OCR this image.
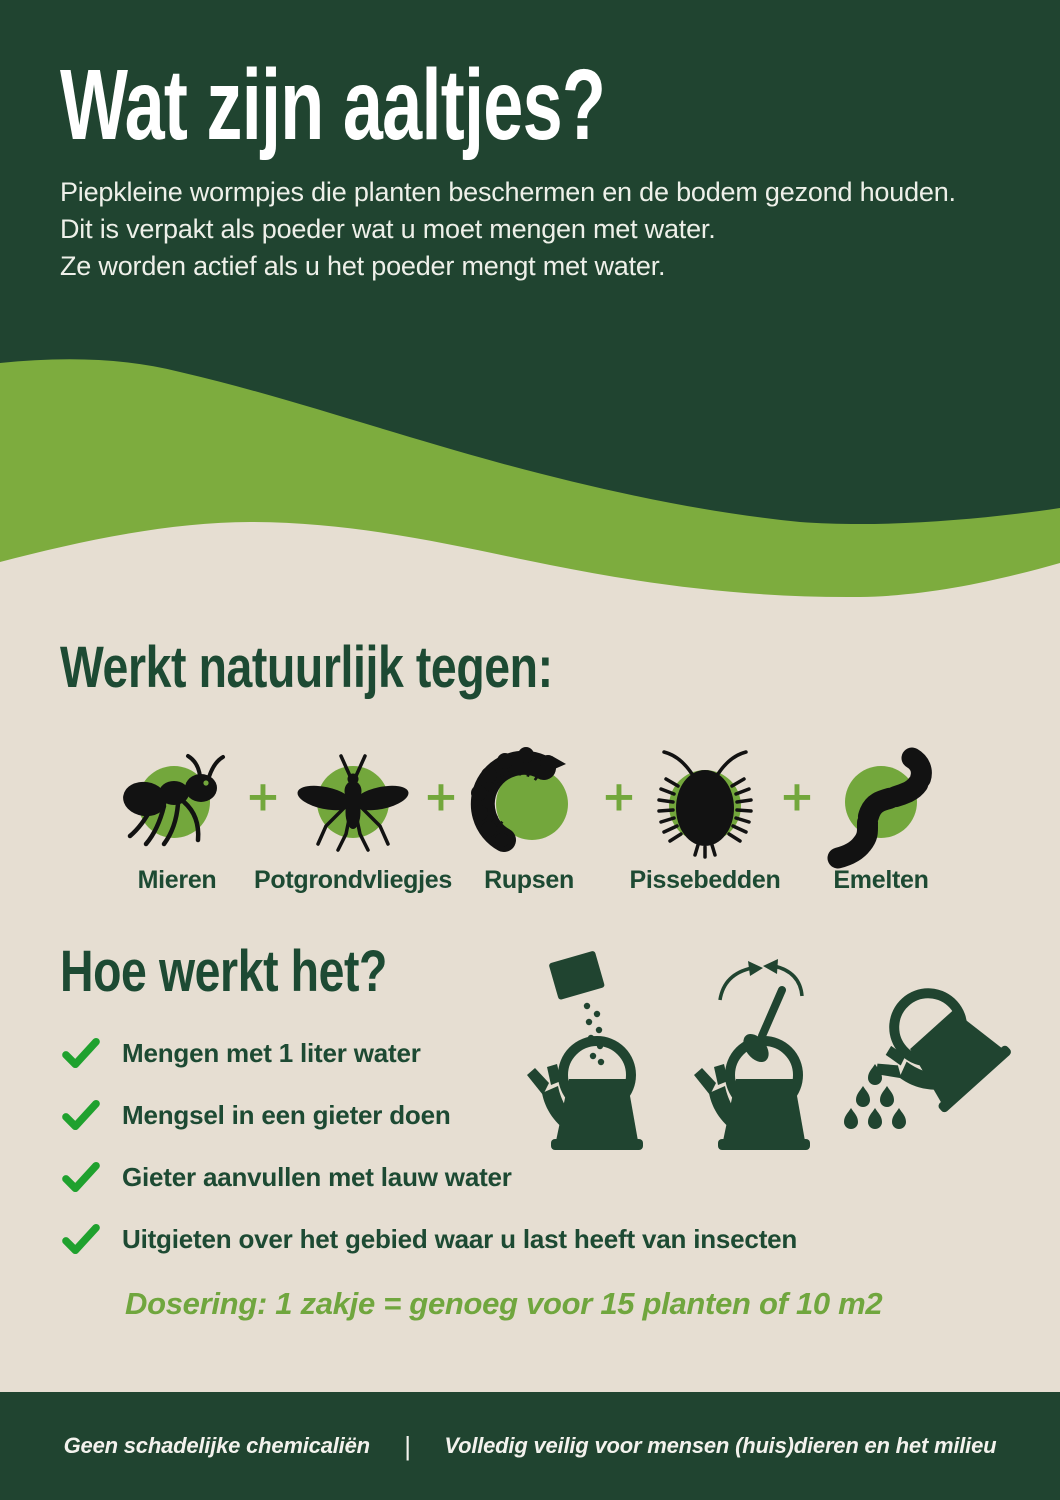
Wat zijn aaltjes?

Piepkleine wormpjes die planten beschermen en de bodem gezond houden.

Dit is verpakt als poeder wat u moet mengen met water.

Ze worden actief als u het poeder mengt met water.

Werkt natuurlijk tegen:
Mieren Potgrondvliegjes Rupsen Pissebedden Emelten
+	+	+	+
Hoe werkt het?
Mengen met 1 liter water
Mengsel in een gieter doen
Gieter aanvullen met lauw water
Uitgieten over het gebied waar u last heeft van insecten

Dosering: 1 zakje = genoeg voor 15 planten of 10 m2

Geen schadelijke chemicaliën | Volledig veilig voor mensen (huis)dieren en het milieu
